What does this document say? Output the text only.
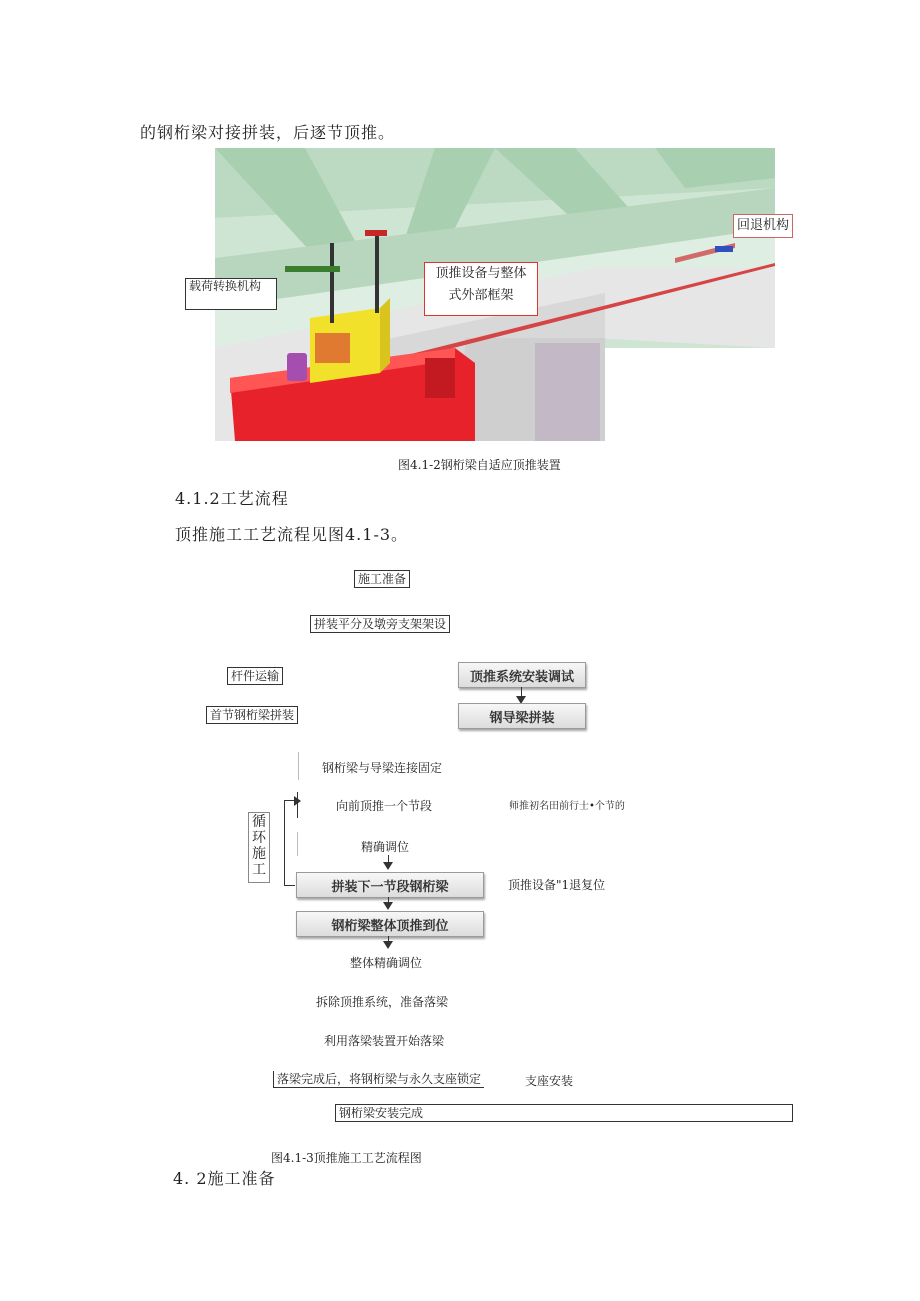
的钢桁梁对接拼装，后逐节顶推。
回退机构
载荷转换机构
顶推设备与整体
式外部框架
图4.1-2钢桁梁自适应顶推装置
4.1.2工艺流程
顶推施工工艺流程见图4.1-3。
施工准备
拼装平分及墩旁支架架设
杆件运输
首节钢桁梁拼装
顶推系统安装调试
钢导梁拼装
钢桁梁与导梁连接固定
循环施工
向前顶推一个节段	师推初名田前行士•个节的
精确调位
拼装下一节段钢桁梁	顶推设备"1退复位
钢桁梁整体顶推到位
整体精确调位
拆除顶推系统，准备落梁
利用落梁装置开始落梁
落梁完成后，将钢桁梁与永久支座锁定	支座安装
钢桁梁安装完成
图4.1-3顶推施工工艺流程图
4. 2施工准备
